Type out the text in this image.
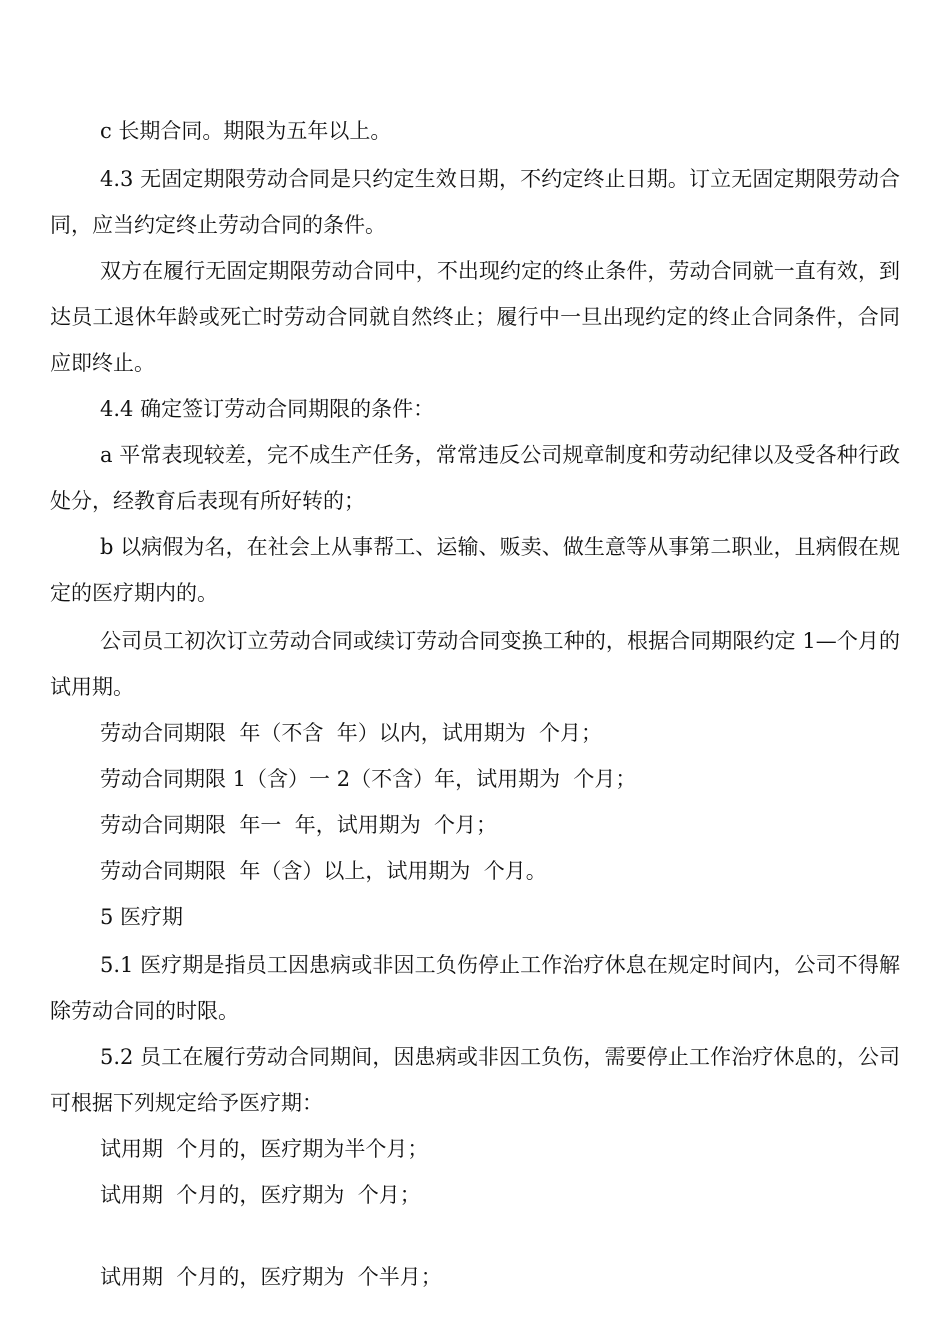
c 长期合同。期限为五年以上。

4.3 无固定期限劳动合同是只约定生效日期，不约定终止日期。订立无固定期限劳动合同，应当约定终止劳动合同的条件。

双方在履行无固定期限劳动合同中，不出现约定的终止条件，劳动合同就一直有效，到达员工退休年龄或死亡时劳动合同就自然终止；履行中一旦出现约定的终止合同条件，合同应即终止。

4.4 确定签订劳动合同期限的条件：

a 平常表现较差，完不成生产任务，常常违反公司规章制度和劳动纪律以及受各种行政处分，经教育后表现有所好转的；

b 以病假为名，在社会上从事帮工、运输、贩卖、做生意等从事第二职业，且病假在规定的医疗期内的。

公司员工初次订立劳动合同或续订劳动合同变换工种的，根据合同期限约定 1—个月的试用期。

劳动合同期限  年（不含  年）以内，试用期为  个月；

劳动合同期限 1（含）一 2（不含）年，试用期为  个月；

劳动合同期限  年一  年，试用期为  个月；

劳动合同期限  年（含）以上，试用期为  个月。

5 医疗期

5.1 医疗期是指员工因患病或非因工负伤停止工作治疗休息在规定时间内，公司不得解除劳动合同的时限。

5.2 员工在履行劳动合同期间，因患病或非因工负伤，需要停止工作治疗休息的，公司可根据下列规定给予医疗期：

试用期  个月的，医疗期为半个月；

试用期  个月的，医疗期为  个月；

试用期  个月的，医疗期为  个半月；
